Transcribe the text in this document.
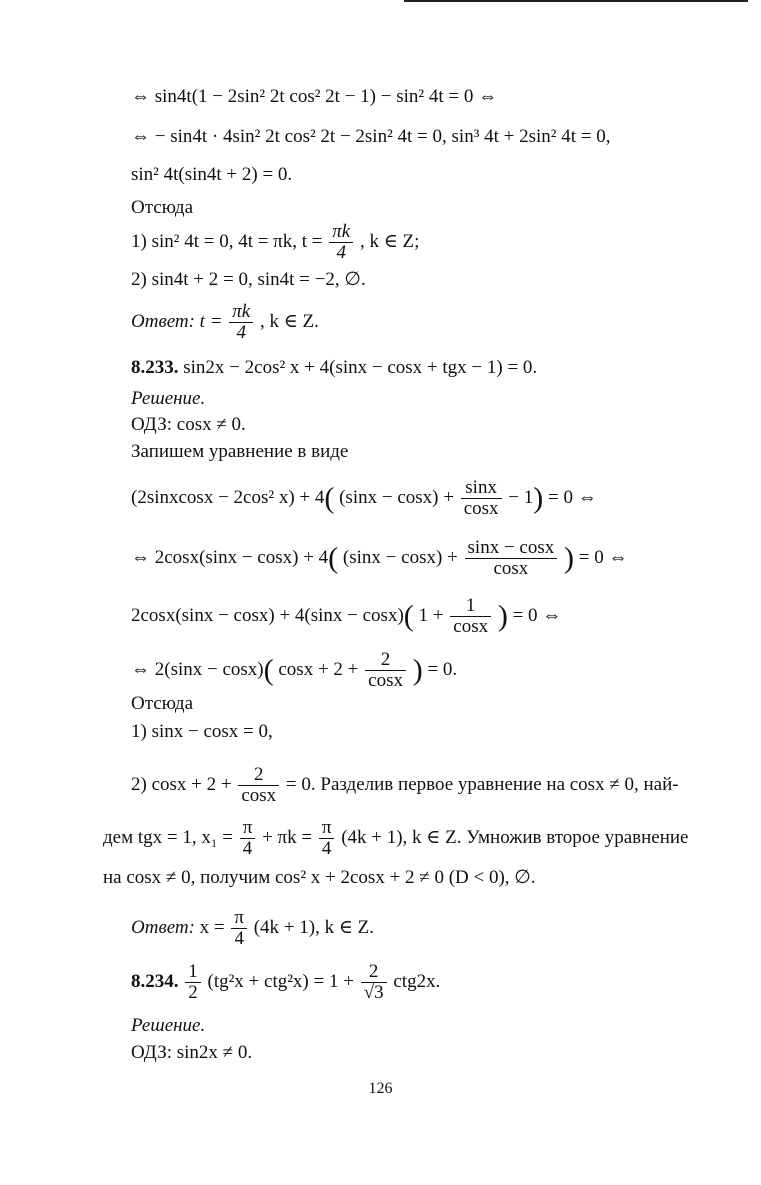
⇔ sin4t(1 − 2sin² 2t cos² 2t − 1) − sin² 4t = 0 ⇔
⇔ − sin4t · 4sin² 2t cos² 2t − 2sin² 4t = 0, sin³ 4t + 2sin² 4t = 0,
sin² 4t(sin4t + 2) = 0.
Отсюда
1) sin² 4t = 0, 4t = πk, $t = \frac{\pi k}{4}$ , k ∈ Z;
2) sin4t + 2 = 0, sin4t = −2, ∅.
Ответ: $t = \frac{\pi k}{4}$ , k ∈ Z.
8.233. sin2x − 2cos² x + 4(sinx − cosx + tgx − 1) = 0.
Решение.
ОДЗ: cosx ≠ 0.
Запишем уравнение в виде
(2sinxcosx − 2cos² x) + 4( $(\sin x - \cos x) + \frac{\sin x}{\cos x} - 1) = 0$ ⇔
⇔ 2cosx(sinx − cosx) + 4( $(\sin x - \cos x) + \frac{\sin x - \cos x}{\cos x}$ ) = 0 ⇔
2cosx(sinx − cosx) + 4(sinx − cosx)( $1 + \frac{1}{\cos x}$ ) = 0 ⇔
⇔ 2(sinx − cosx)( $\cos x + 2 + \frac{2}{\cos x}$ ) = 0.
Отсюда
1) sinx − cosx = 0,
2) $\cos x + 2 + \frac{2}{\cos x} = 0$. Разделив первое уравнение на cosx ≠ 0, най-
дем tgx = 1, $x_1 = \frac{\pi}{4} + \pi k = \frac{\pi}{4} (4k + 1)$, k ∈ Z. Умножив второе уравнение
на cosx ≠ 0, получим cos² x + 2cosx + 2 ≠ 0 (D < 0), ∅.
Ответ: $x = \frac{\pi}{4} (4k + 1)$, k ∈ Z.
8.234. $\frac{1}{2} (tg^2x + ctg^2x) = 1 + \frac{2}{√3} ctg2x$.
Решение.
ОДЗ: sin2x ≠ 0.
126
